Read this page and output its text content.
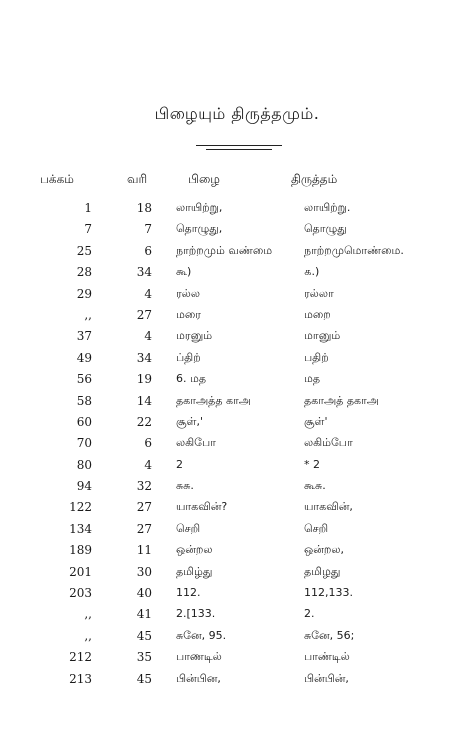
பிழையும் திருத்தமும்.
பக்கம்	வரி	பிழை	திருத்தம்
1	18 லாயிற்று,	லாயிற்று.
7	7 தொழுது,	தொழுது
25	6 நாற்றமும் வண்மை	நாற்றமுமொண்மை.
28	34 கூ)	௧.)
29	4 ரல்ல	ரல்லா
,,	27 மரை	மறை
37	4 மரனும்	மானும்
49	34 ப்திற்	பதிற்
56	19 6. மத	மத
58	14 தகாஅத்த காஅ	தகாஅத் தகாஅ
60	22 சூள்,'	சூள்'
70	6 லகிபோ	லகிம்போ
80	4 2	* 2
94	32 சுசு.	கூசு.
122	27 யாகவின்?	யாகவின்,
134	27 செறி	செறி
189	11 ஒன்றல	ஒன்றல,
201	30 தமிழ்து	தமிழது
203	40 112.	112,133.
,,	41 2.[133.	2.
,,	45 சுனே, 95.	சுனே, 56;
212	35 பாணடில்	பாண்டில்
213	45 பின்பின,	பின்பின்,
